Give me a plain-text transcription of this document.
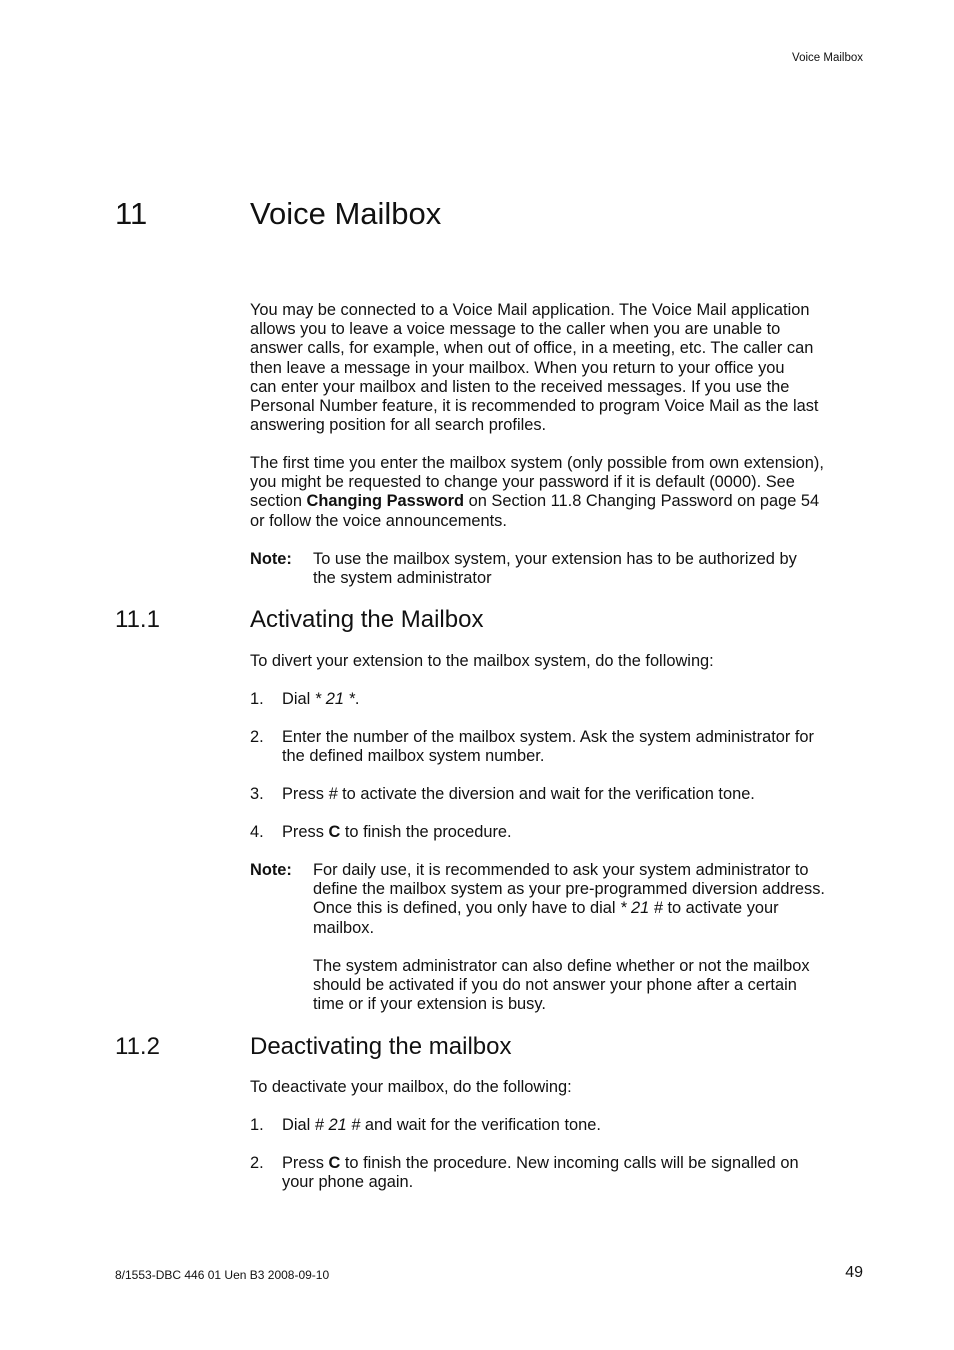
Voice Mailbox
11	Voice Mailbox
You may be connected to a Voice Mail application. The Voice Mail application
allows you to leave a voice message to the caller when you are unable to
answer calls, for example, when out of office, in a meeting, etc. The caller can
then leave a message in your mailbox. When you return to your office you
can enter your mailbox and listen to the received messages. If you use the
Personal Number feature, it is recommended to program Voice Mail as the last
answering position for all search profiles.
The first time you enter the mailbox system (only possible from own extension),
you might be requested to change your password if it is default (0000). See
section Changing Password on Section 11.8 Changing Password on page 54
or follow the voice announcements.
Note: To use the mailbox system, your extension has to be authorized by
the system administrator
11.1	Activating the Mailbox
To divert your extension to the mailbox system, do the following:
1. Dial * 21 *.
2. Enter the number of the mailbox system. Ask the system administrator for
the defined mailbox system number.
3. Press # to activate the diversion and wait for the verification tone.
4. Press C to finish the procedure.
Note: For daily use, it is recommended to ask your system administrator to
define the mailbox system as your pre-programmed diversion address.
Once this is defined, you only have to dial * 21 # to activate your
mailbox.
The system administrator can also define whether or not the mailbox
should be activated if you do not answer your phone after a certain
time or if your extension is busy.
11.2	Deactivating the mailbox
To deactivate your mailbox, do the following:
1. Dial # 21 # and wait for the verification tone.
2. Press C to finish the procedure. New incoming calls will be signalled on
your phone again.
8/1553-DBC 446 01 Uen B3 2008-09-10	49
